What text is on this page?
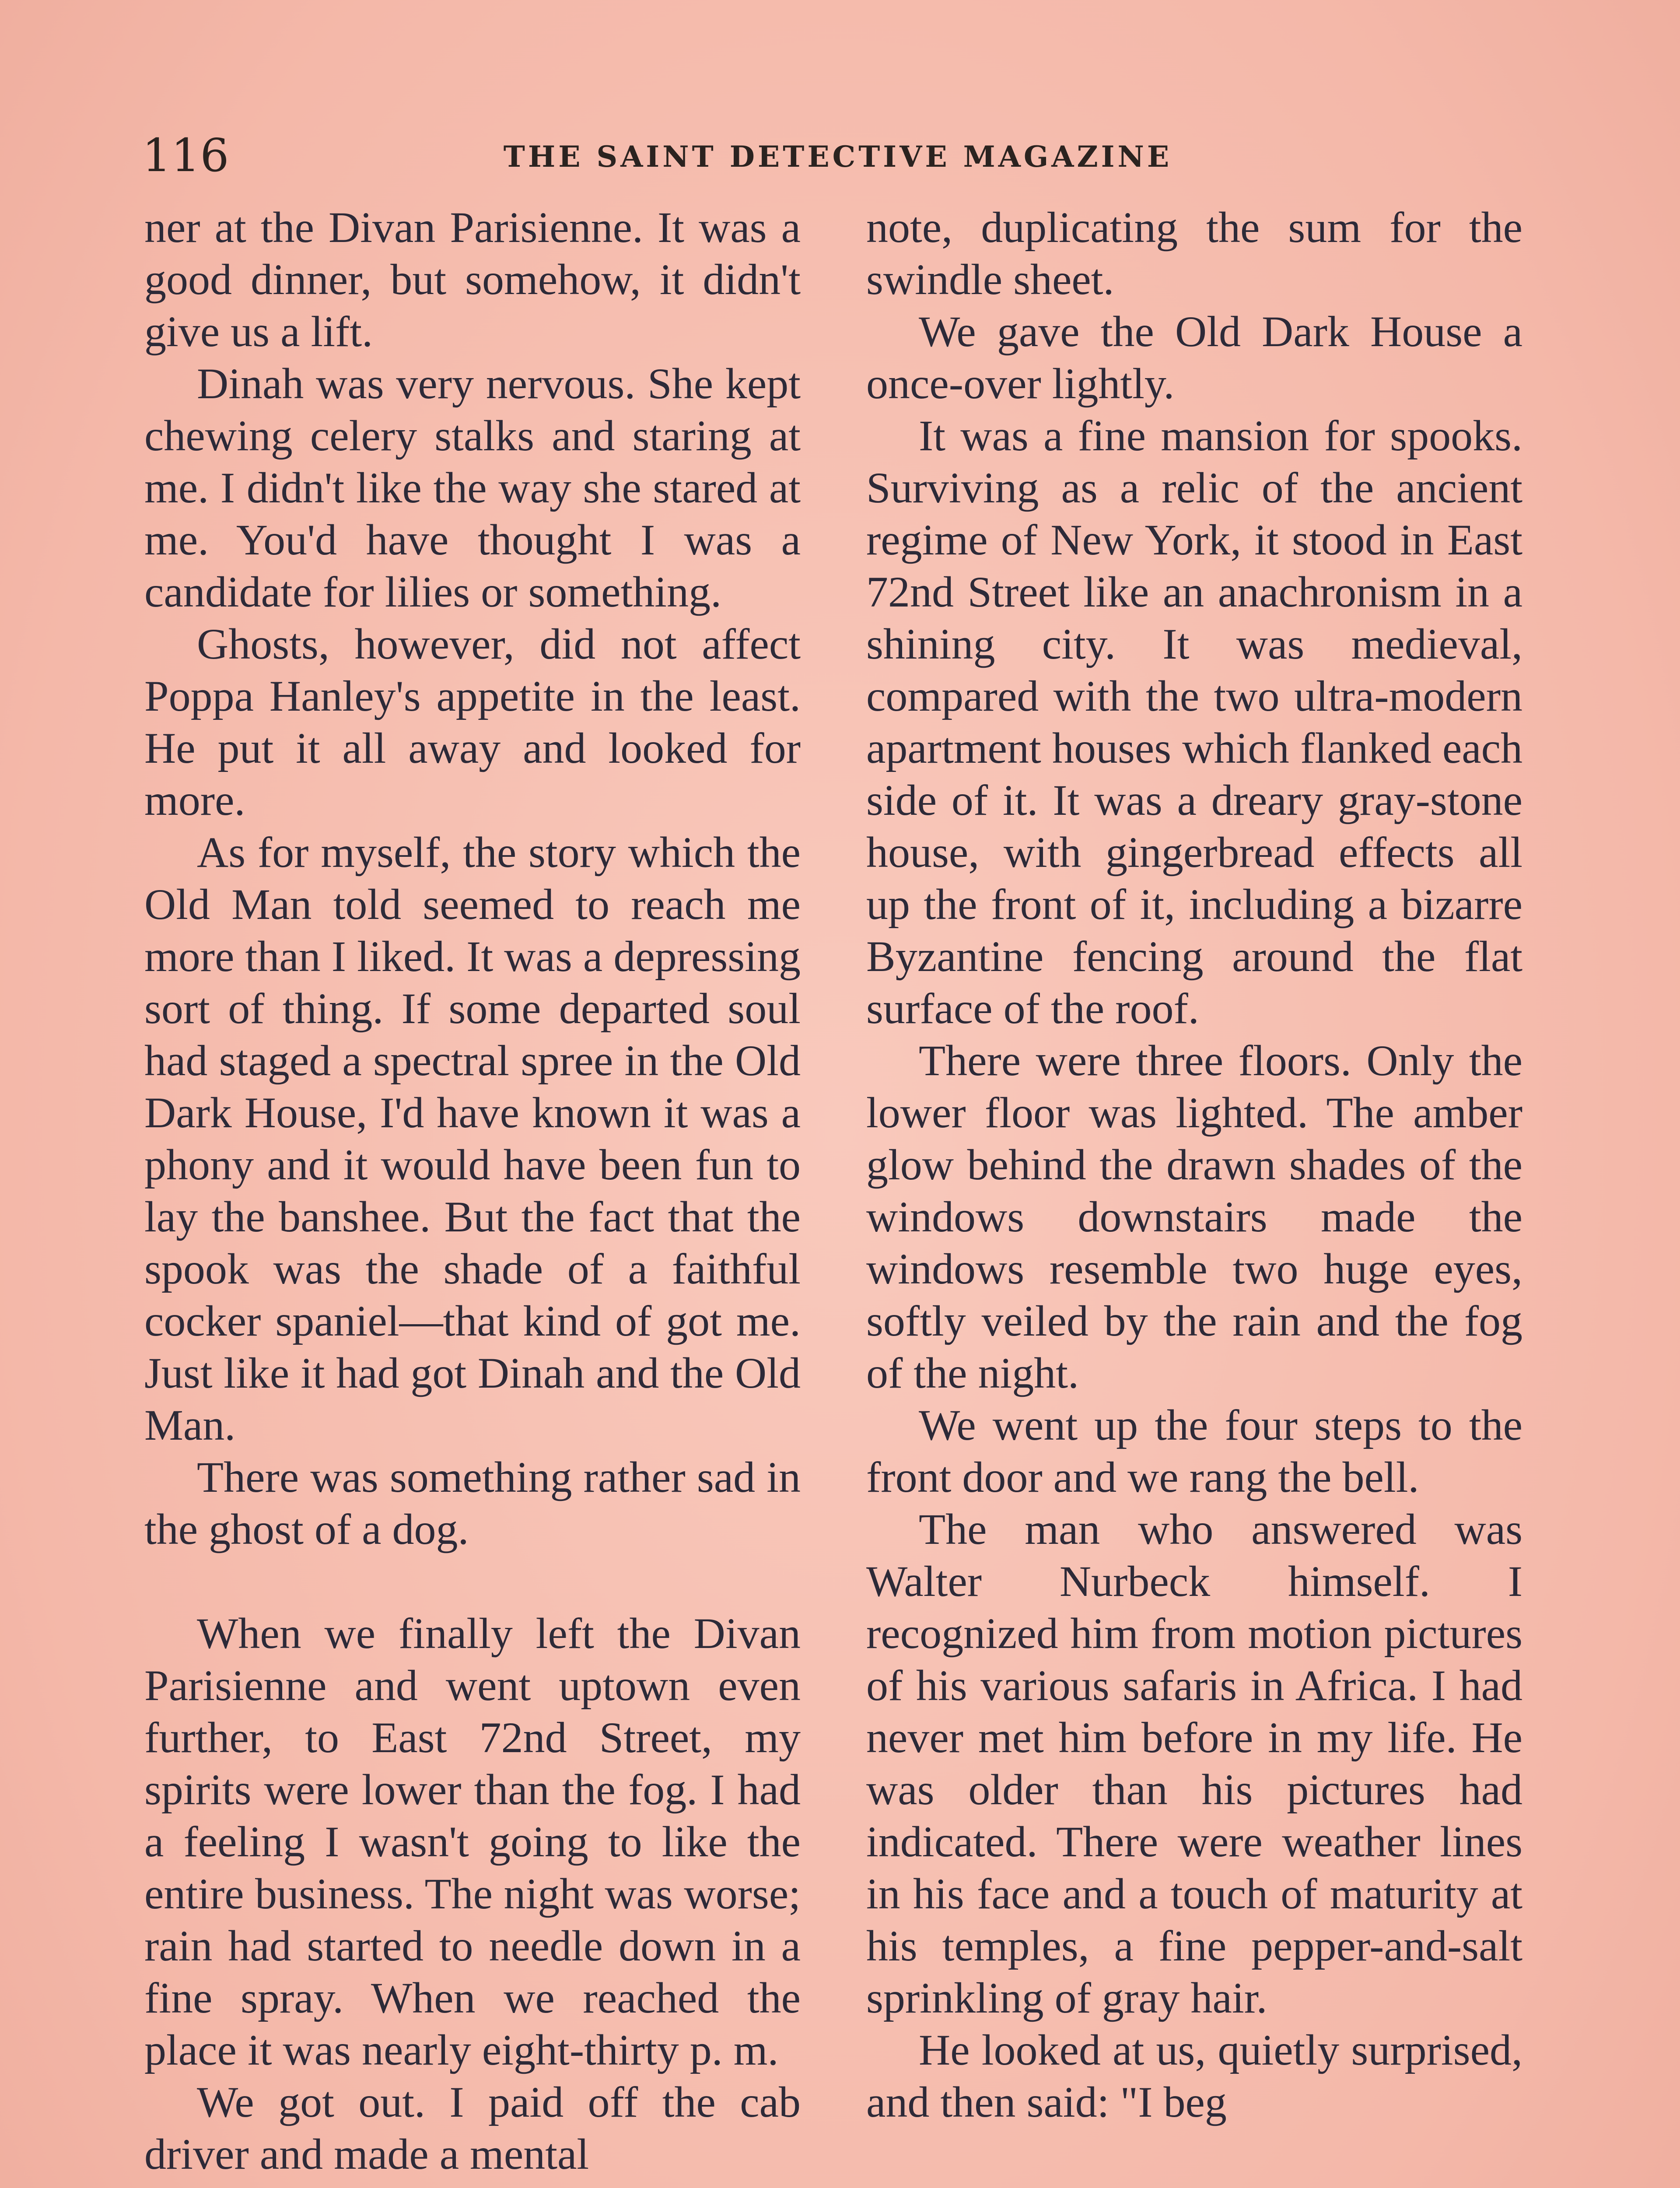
116	THE SAINT DETECTIVE MAGAZINE

ner at the Divan Parisienne. It was a good dinner, but somehow, it didn't give us a lift.

Dinah was very nervous. She kept chewing celery stalks and staring at me. I didn't like the way she stared at me. You'd have thought I was a candidate for lilies or something.

Ghosts, however, did not affect Poppa Hanley's appetite in the least. He put it all away and looked for more.

As for myself, the story which the Old Man told seemed to reach me more than I liked. It was a depressing sort of thing. If some departed soul had staged a spectral spree in the Old Dark House, I'd have known it was a phony and it would have been fun to lay the banshee. But the fact that the spook was the shade of a faithful cocker spaniel—that kind of got me. Just like it had got Dinah and the Old Man.

There was something rather sad in the ghost of a dog.

When we finally left the Divan Parisienne and went uptown even further, to East 72nd Street, my spirits were lower than the fog. I had a feeling I wasn't going to like the entire business. The night was worse; rain had started to needle down in a fine spray. When we reached the place it was nearly eight-thirty p. m.

We got out. I paid off the cab driver and made a mental

note, duplicating the sum for the swindle sheet.

We gave the Old Dark House a once-over lightly.

It was a fine mansion for spooks. Surviving as a relic of the ancient regime of New York, it stood in East 72nd Street like an anachronism in a shining city. It was medieval, compared with the two ultra-modern apartment houses which flanked each side of it. It was a dreary gray-stone house, with gingerbread effects all up the front of it, including a bizarre Byzantine fencing around the flat surface of the roof.

There were three floors. Only the lower floor was lighted. The amber glow behind the drawn shades of the windows downstairs made the windows resemble two huge eyes, softly veiled by the rain and the fog of the night.

We went up the four steps to the front door and we rang the bell.

The man who answered was Walter Nurbeck himself. I recognized him from motion pictures of his various safaris in Africa. I had never met him before in my life. He was older than his pictures had indicated. There were weather lines in his face and a touch of maturity at his temples, a fine pepper-and-salt sprinkling of gray hair.

He looked at us, quietly surprised, and then said: "I beg
